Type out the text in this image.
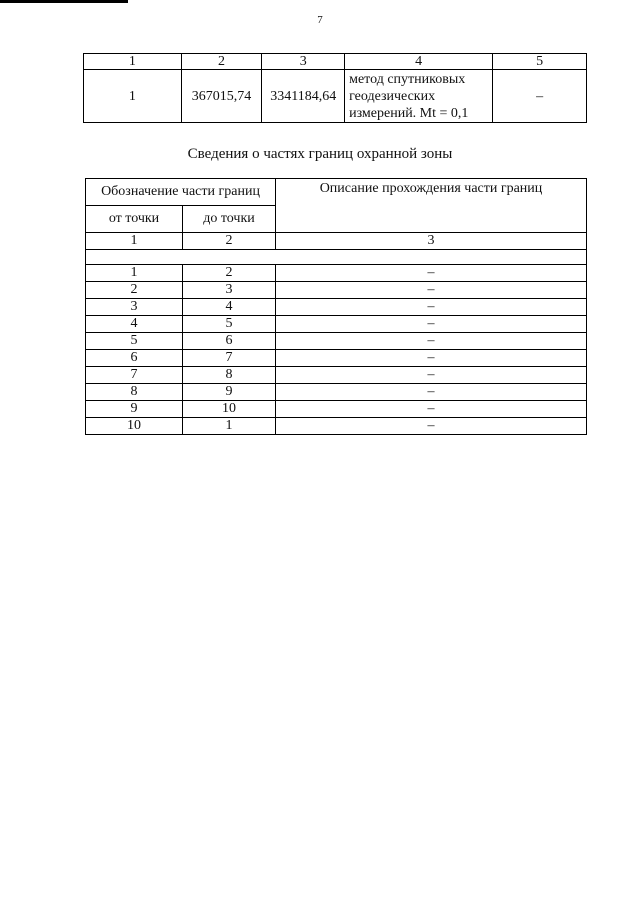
7
1	2	3	4	5
1	367015,74	3341184,64	метод спутниковых
геодезических
измерений. Mt = 0,1	–
Сведения о частях границ охранной зоны
Обозначение части границ		Описание прохождения части границ
от точки	до точки	
1	2	3

1	2	–
2	3	–
3	4	–
4	5	–
5	6	–
6	7	–
7	8	–
8	9	–
9	10	–
10	1	–
